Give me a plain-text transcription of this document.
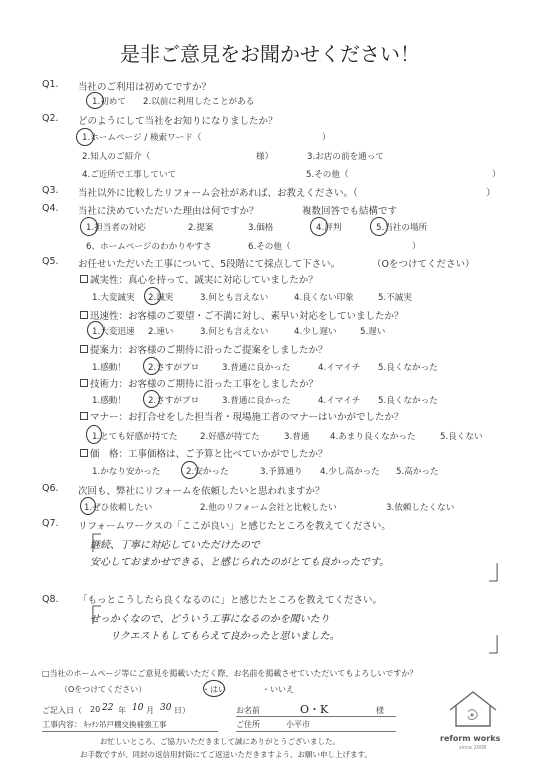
是非ご意見をお聞かせください！
Q1. 当社のご利用は初めてですか？
1.初めて 2.以前に利用したことがある
Q2. どのようにして当社をお知りになりましたか？
1.ホームページ / 検索ワード（	）
2.知人のご紹介（	様）	3.お店の前を通って
4.ご近所で工事していて	5.その他（	）
Q3. 当社以外に比較したリフォーム会社があれば、お教えください。（	）
Q4. 当社に決めていただいた理由は何ですか？	複数回答でも結構です
1.担当者の対応	2.提案	3.価格	4.評判	5.当社の場所
6、ホームページのわかりやすさ	6.その他（	）
Q5. お任せいただいた工事について、5段階にて採点して下さい。	（Oをつけてください）
誠実性：真心を持って、誠実に対応していましたか？
1.大変誠実 2.誠実	3.何とも言えない	4.良くない印象	5.不誠実
迅速性：お客様のご要望・ご不満に対し、素早い対応をしていましたか？
1.大変迅速 2.速い	3.何とも言えない	4.少し遅い	5.遅い
提案力：お客様のご期待に沿ったご提案をしましたか？
1.感動！	2.さすがプロ	3.普通に良かった	4.イマイチ 5.良くなかった
技術力：お客様のご期待に沿った工事をしましたか？
1.感動！	2.さすがプロ	3.普通に良かった	4.イマイチ 5.良くなかった
マナー：お打合せをした担当者・現場施工者のマナーはいかがでしたか？
1.とても好感が持てた	2.好感が持てた	3.普通 4.あまり良くなかった	5.良くない
価　格：工事価格は、ご予算と比べていかがでしたか？
1.かなり安かった	2.安かった	3.予算通り 4.少し高かった 5.高かった
Q6. 次回も、弊社にリフォームを依頼したいと思われますか？
1.ぜひ依頼したい	2.他のリフォーム会社と比較したい	3.依頼したくない
Q7. リフォームワークスの「ここが良い」と感じたところを教えてください。
「
継続、丁寧に対応していただけたので
安心しておまかせできる、と感じられたのがとても良かったです。	」
Q8. 「もっとこうしたら良くなるのに」と感じたところを教えてください。
「
せっかくなので、どういう工事になるのかを聞いたり
リクエストもしてもらえて良かったと思いました。	」
□当社のホームページ等にご意見を掲載いただく際、お名前を掲載させていただいてもよろしいですか？
（Oをつけてください）	・はい	・いいえ
ご記入日（ 20 22 年 10 月 30 日）
工事内容： ｷｯﾁﾝ吊戸棚交換補強工事
お名前	O・K	様
ご住所	小平市
お忙しいところ、ご協力いただきまして誠にありがとうございました。
お手数ですが、同封の返信用封筒にてご返送いただきますよう、お願い申し上げます。
reform works
since 2008
